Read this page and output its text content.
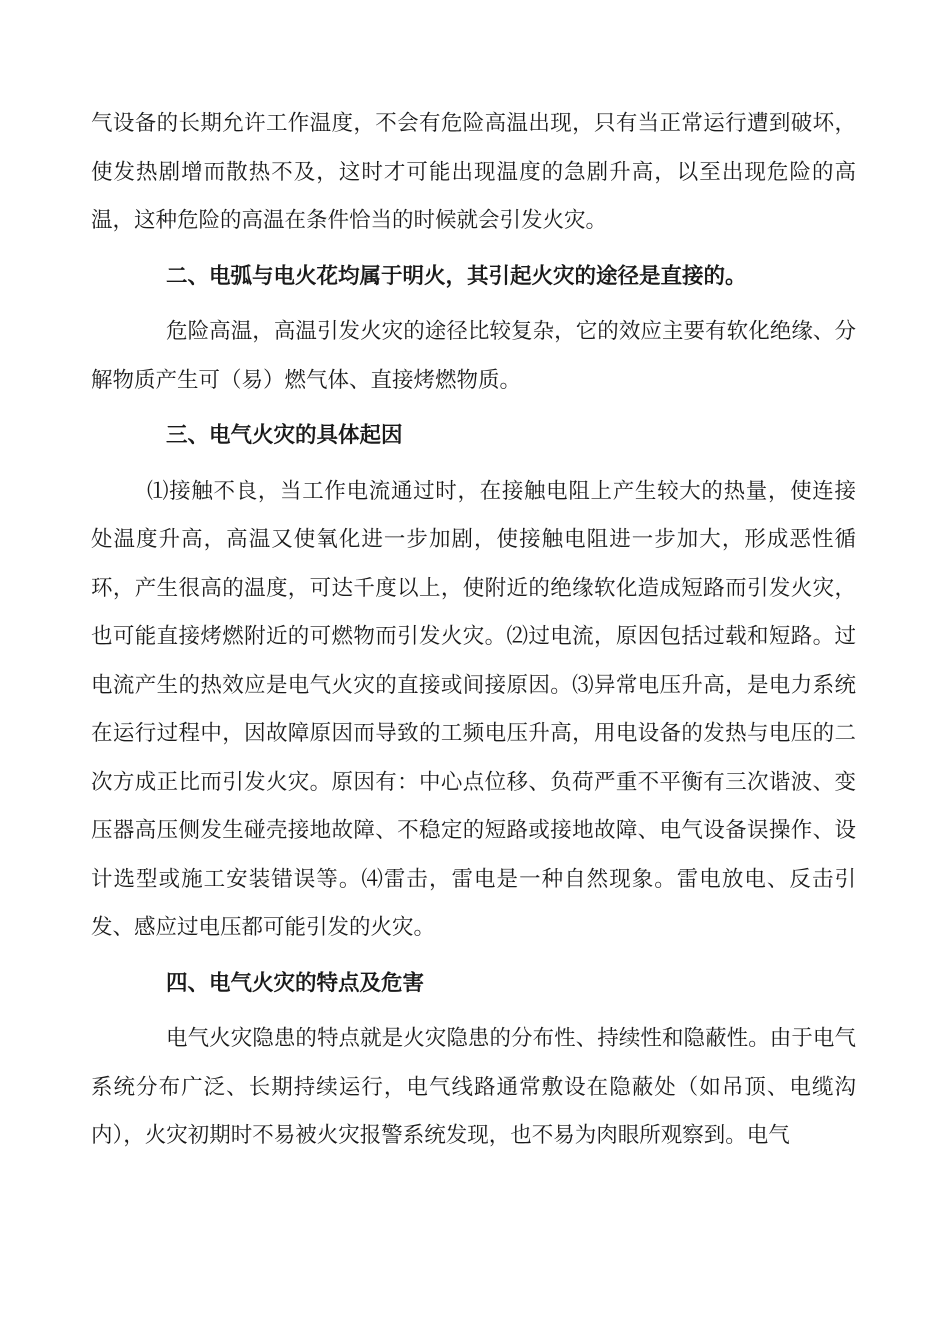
气设备的长期允许工作温度，不会有危险高温出现，只有当正常运行遭到破坏，使发热剧增而散热不及，这时才可能出现温度的急剧升高，以至出现危险的高温，这种危险的高温在条件恰当的时候就会引发火灾。

二、电弧与电火花均属于明火，其引起火灾的途径是直接的。

危险高温，高温引发火灾的途径比较复杂，它的效应主要有软化绝缘、分解物质产生可（易）燃气体、直接烤燃物质。

三、电气火灾的具体起因

⑴接触不良，当工作电流通过时，在接触电阻上产生较大的热量，使连接处温度升高，高温又使氧化进一步加剧，使接触电阻进一步加大，形成恶性循环，产生很高的温度，可达千度以上，使附近的绝缘软化造成短路而引发火灾，也可能直接烤燃附近的可燃物而引发火灾。⑵过电流，原因包括过载和短路。过电流产生的热效应是电气火灾的直接或间接原因。⑶异常电压升高，是电力系统在运行过程中，因故障原因而导致的工频电压升高，用电设备的发热与电压的二次方成正比而引发火灾。原因有：中心点位移、负荷严重不平衡有三次谐波、变压器高压侧发生碰壳接地故障、不稳定的短路或接地故障、电气设备误操作、设计选型或施工安装错误等。⑷雷击，雷电是一种自然现象。雷电放电、反击引发、感应过电压都可能引发的火灾。

四、电气火灾的特点及危害

电气火灾隐患的特点就是火灾隐患的分布性、持续性和隐蔽性。由于电气系统分布广泛、长期持续运行，电气线路通常敷设在隐蔽处（如吊顶、电缆沟内），火灾初期时不易被火灾报警系统发现，也不易为肉眼所观察到。电气
